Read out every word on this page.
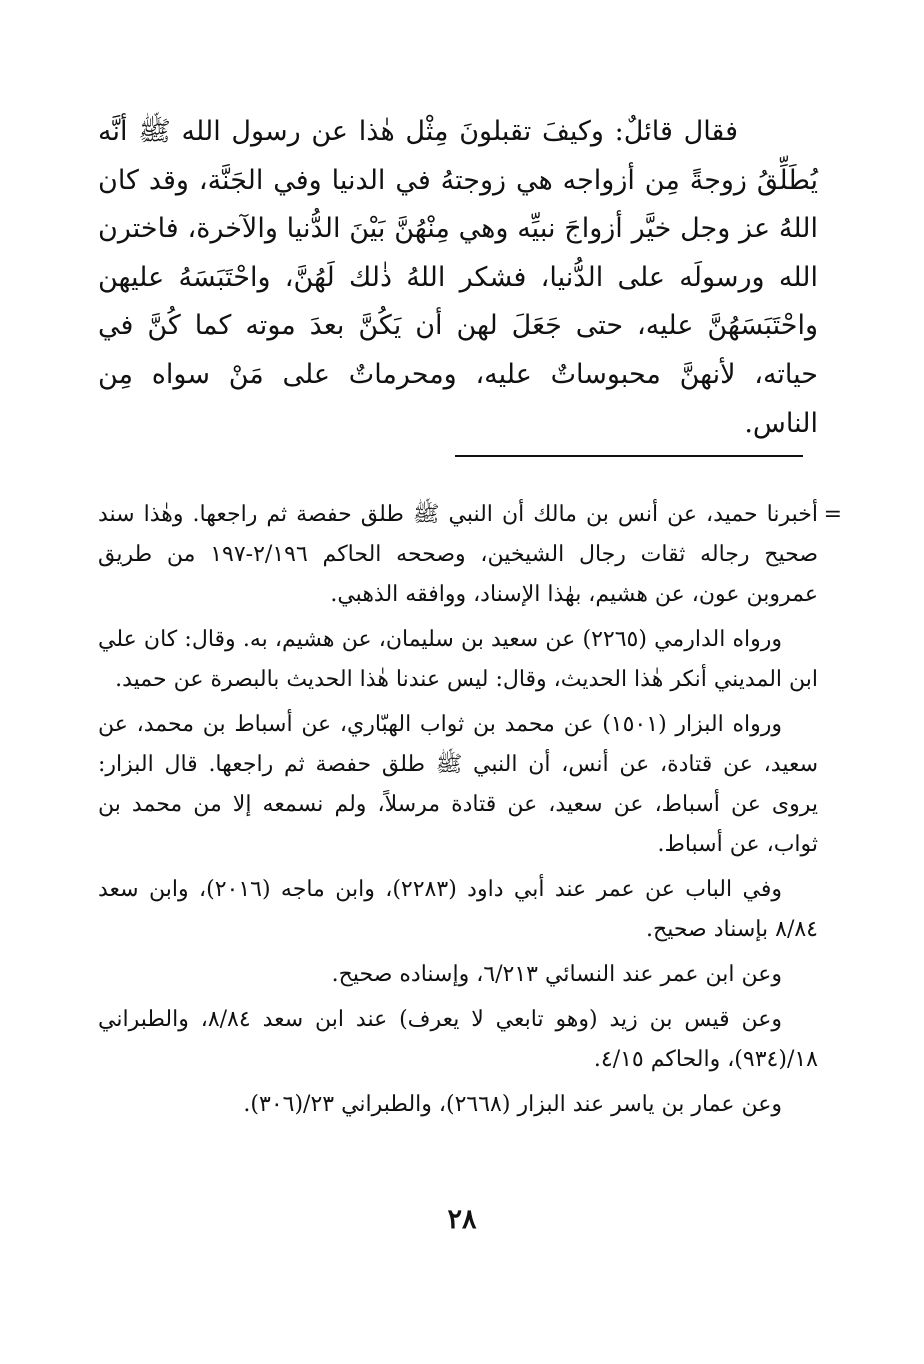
فقال قائلٌ: وكيفَ تقبلونَ مِثْل هٰذا عن رسول الله ﷺ أنَّه يُطَلِّقُ زوجةً مِن أزواجه هي زوجتهُ في الدنيا وفي الجَنَّة، وقد كان اللهُ عز وجل خيَّر أزواجَ نبيِّه وهي مِنْهُنَّ بَيْنَ الدُّنيا والآخرة، فاخترن الله ورسولَه على الدُّنيا، فشكر اللهُ ذٰلك لَهُنَّ، واحْتَبَسَهُ عليهن واحْتَبَسَهُنَّ عليه، حتى جَعَلَ لهن أن يَكُنَّ بعدَ موته كما كُنَّ في حياته، لأنهنَّ محبوساتٌ عليه، ومحرماتٌ على مَنْ سواه مِن الناس.

=
أخبرنا حميد، عن أنس بن مالك أن النبي ﷺ طلق حفصة ثم راجعها. وهٰذا سند صحيح رجاله ثقات رجال الشيخين، وصححه الحاكم ٢/١٩٦-١٩٧ من طريق عمروبن عون، عن هشيم، بهٰذا الإسناد، ووافقه الذهبي.

ورواه الدارمي (٢٢٦٥) عن سعيد بن سليمان، عن هشيم، به. وقال: كان علي ابن المديني أنكر هٰذا الحديث، وقال: ليس عندنا هٰذا الحديث بالبصرة عن حميد.

ورواه البزار (١٥٠١) عن محمد بن ثواب الهبّاري، عن أسباط بن محمد، عن سعيد، عن قتادة، عن أنس، أن النبي ﷺ طلق حفصة ثم راجعها. قال البزار: يروى عن أسباط، عن سعيد، عن قتادة مرسلاً، ولم نسمعه إلا من محمد بن ثواب، عن أسباط.

وفي الباب عن عمر عند أبي داود (٢٢٨٣)، وابن ماجه (٢٠١٦)، وابن سعد ٨/٨٤ بإسناد صحيح.

وعن ابن عمر عند النسائي ٦/٢١٣، وإسناده صحيح.

وعن قيس بن زيد (وهو تابعي لا يعرف) عند ابن سعد ٨/٨٤، والطبراني ١٨/(٩٣٤)، والحاكم ٤/١٥.

وعن عمار بن ياسر عند البزار (٢٦٦٨)، والطبراني ٢٣/(٣٠٦).

٢٨
